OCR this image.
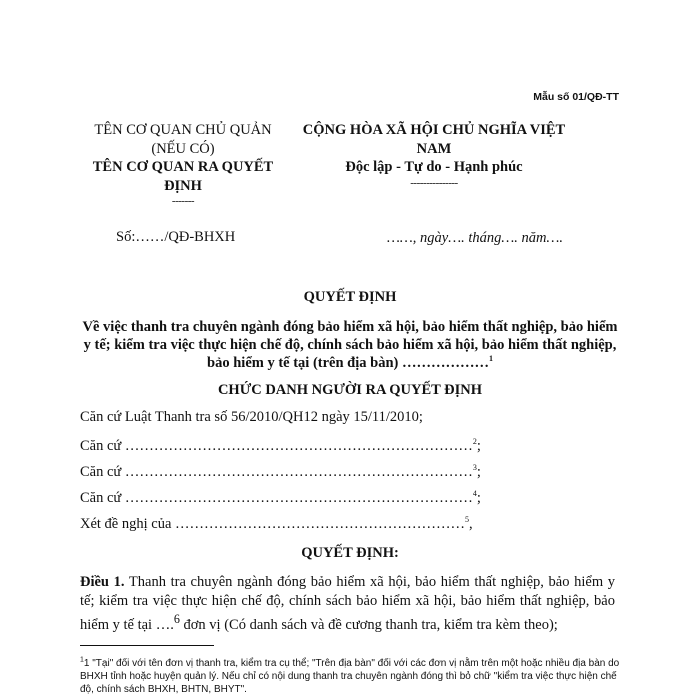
Mẫu số 01/QĐ-TT
TÊN CƠ QUAN CHỦ QUẢN (NẾU CÓ)
TÊN CƠ QUAN RA QUYẾT ĐỊNH
-------
CỘNG HÒA XÃ HỘI CHỦ NGHĨA VIỆT NAM
Độc lập - Tự do - Hạnh phúc
---------------
Số:……/QĐ-BHXH	……, ngày…. tháng…. năm….
QUYẾT ĐỊNH
Về việc thanh tra chuyên ngành đóng bảo hiểm xã hội, bảo hiểm thất nghiệp, bảo hiểm y tế; kiểm tra việc thực hiện chế độ, chính sách bảo hiểm xã hội, bảo hiểm thất nghiệp, bảo hiểm y tế tại (trên địa bàn) ………………$^1$
CHỨC DANH NGƯỜI RA QUYẾT ĐỊNH
Căn cứ Luật Thanh tra số 56/2010/QH12 ngày 15/11/2010;
Căn cứ ………………………………………………………………$^2$;
Căn cứ ………………………………………………………………$^3$;
Căn cứ ………………………………………………………………$^4$;
Xét đề nghị của ……………………………………………………$^5$,
QUYẾT ĐỊNH:
Điều 1. Thanh tra chuyên ngành đóng bảo hiểm xã hội, bảo hiểm thất nghiệp, bảo hiểm y tế; kiểm tra việc thực hiện chế độ, chính sách bảo hiểm xã hội, bảo hiểm thất nghiệp, bảo hiểm y tế tại ….$^6$ đơn vị (Có danh sách và đề cương thanh tra, kiểm tra kèm theo);
$^1$1 "Tại" đối với tên đơn vị thanh tra, kiểm tra cụ thể; "Trên địa bàn" đối với các đơn vị nằm trên một hoặc nhiều địa bàn do BHXH tỉnh hoặc huyện quản lý. Nếu chỉ có nội dung thanh tra chuyên ngành đóng thì bỏ chữ "kiểm tra việc thực hiện chế độ, chính sách BHXH, BHTN, BHYT".
